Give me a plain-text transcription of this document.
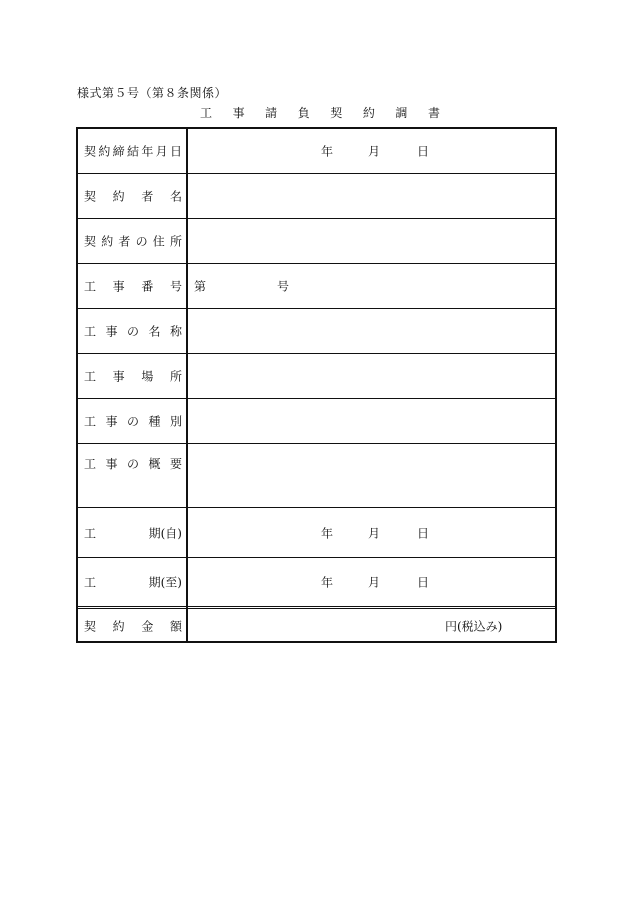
様式第５号（第８条関係）
工 事 請 負 契 約 調 書
契 約 締 結 年 月 日	年	月	日
契 約 者 名
契 約 者 の 住 所
工 事 番 号 第	号
工 事 の 名 称
工 事 場 所
工 事 の 種 別
工 事 の 概 要
工	期(自)	年	月	日
工	期(至)	年	月	日
契 約 金 額	円(税込み)
